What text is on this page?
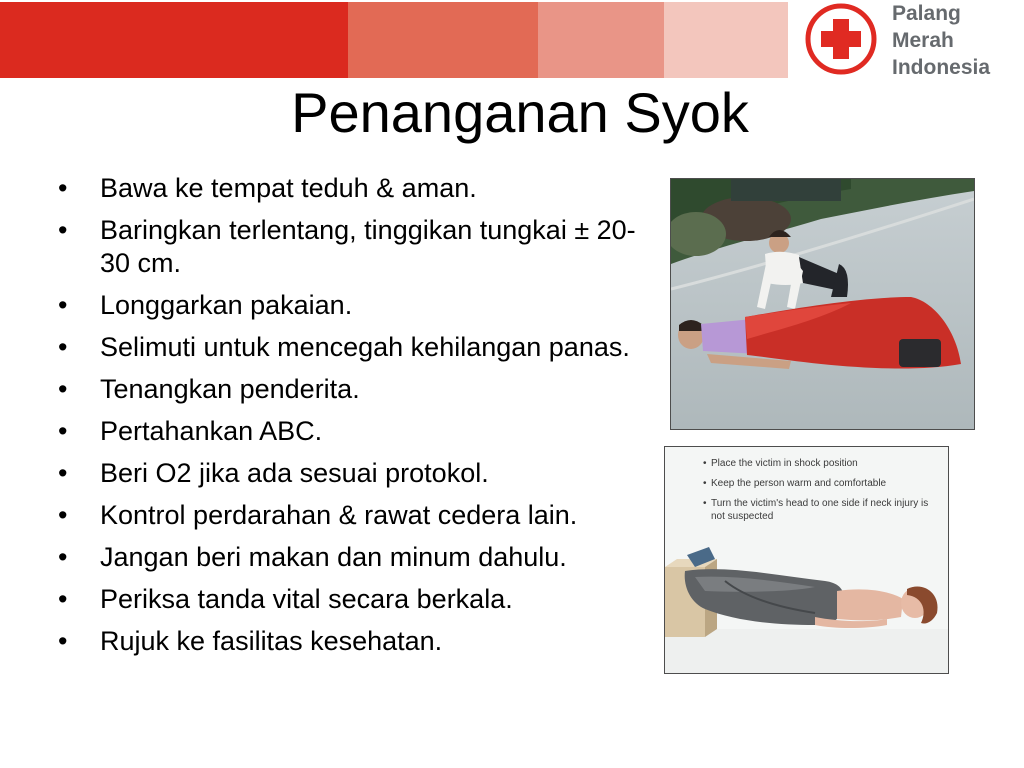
Palang
Merah
Indonesia
Penanganan Syok
• Bawa ke tempat teduh & aman.
• Baringkan terlentang, tinggikan tungkai ± 20-30 cm.
• Longgarkan pakaian.
• Selimuti untuk mencegah kehilangan panas.
• Tenangkan penderita.
• Pertahankan ABC.
• Beri O2 jika ada sesuai protokol.
• Kontrol perdarahan & rawat cedera lain.
• Jangan beri makan dan minum dahulu.
• Periksa tanda vital secara berkala.
• Rujuk ke fasilitas kesehatan.
• Place the victim in shock position
• Keep the person warm and comfortable
• Turn the victim's head to one side if neck injury is not suspected
